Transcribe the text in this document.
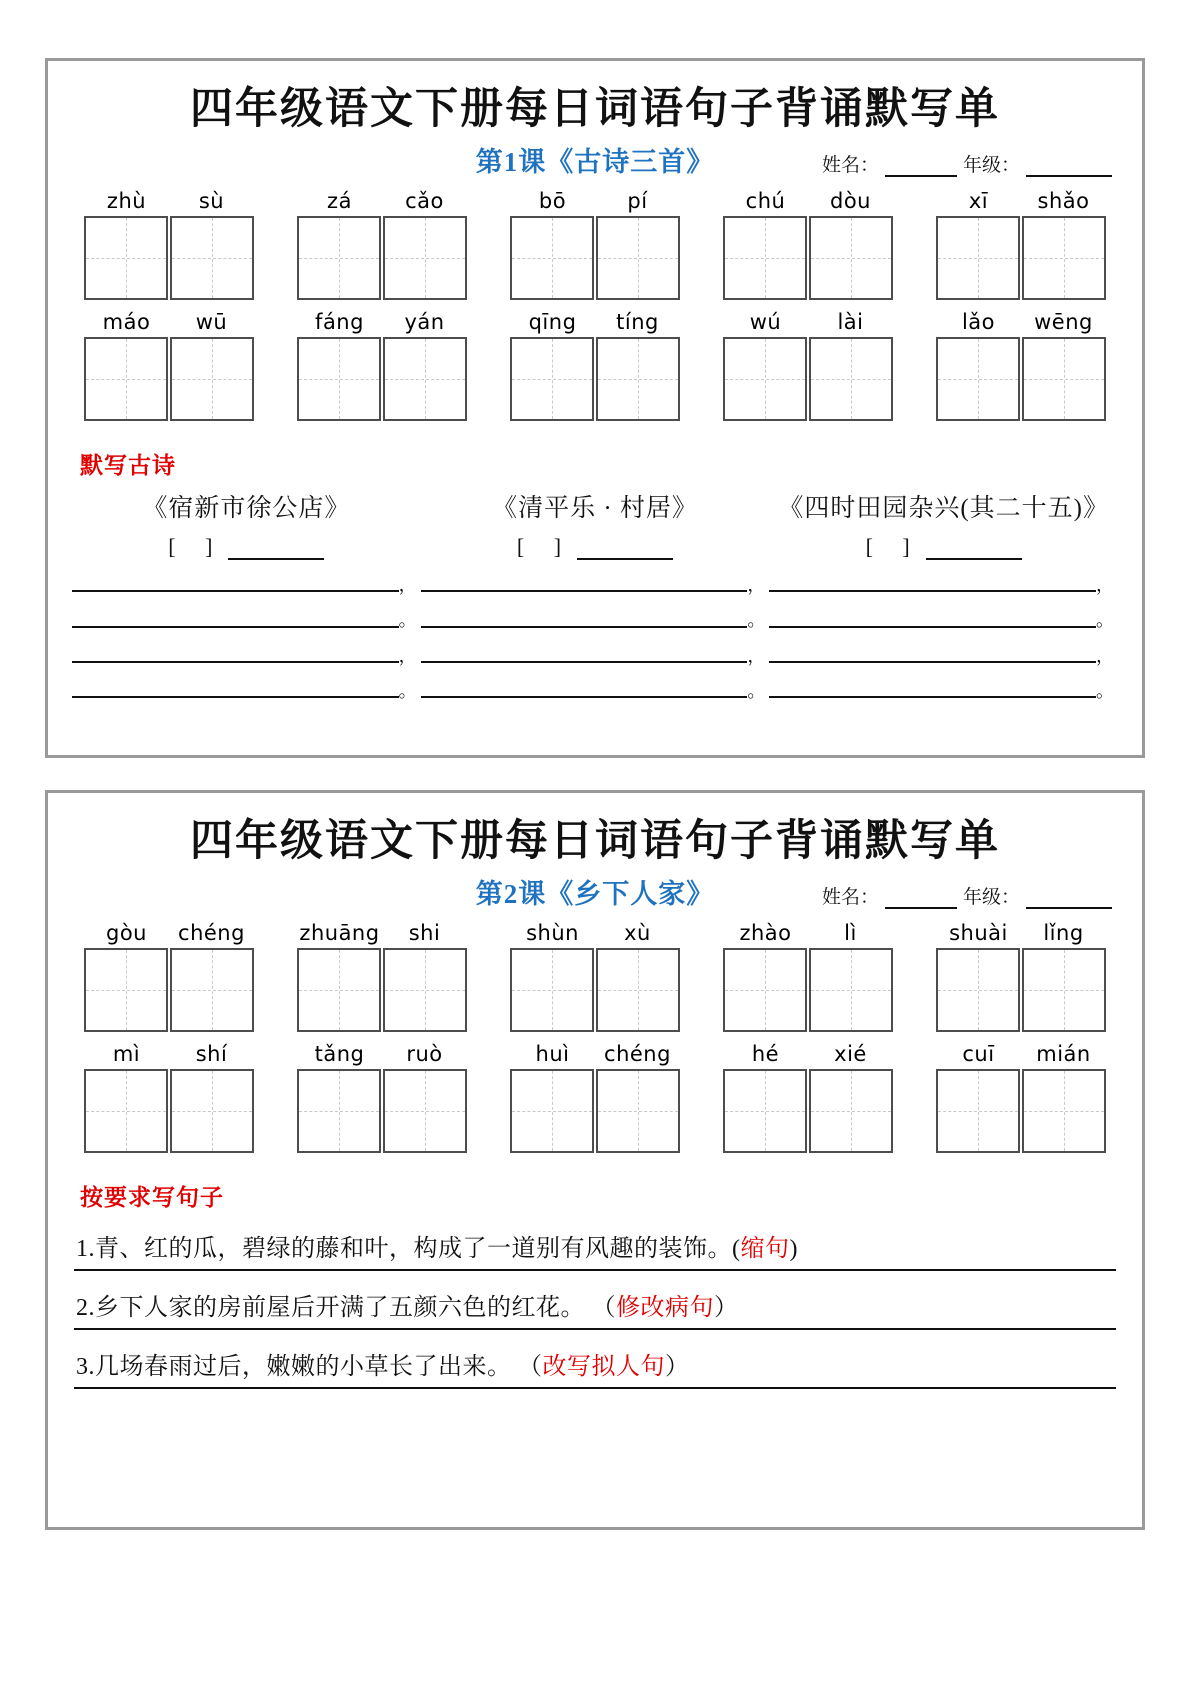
四年级语文下册每日词语句子背诵默写单
第1课《古诗三首》	姓名：	年级：
zhù	sù	zá	cǎo	bō	pí	chú	dòu	xī	shǎo
máo	wū	fáng	yán	qīng	tíng	wú	lài	lǎo	wēng
默写古诗
《宿新市徐公店》
[ ]
《清平乐 · 村居》
[ ]
《四时田园杂兴(其二十五)》
[ ]
，	，	，
。	。	。
，	，	，
。	。	。
四年级语文下册每日词语句子背诵默写单
第2课《乡下人家》	姓名：	年级：
gòu	chéng	zhuāng	shi	shùn	xù	zhào	lì	shuài	lǐng
mì	shí	tǎng	ruò	huì	chéng	hé	xié	cuī	mián
按要求写句子
1.青、红的瓜，碧绿的藤和叶，构成了一道别有风趣的装饰。(缩句)
2.乡下人家的房前屋后开满了五颜六色的红花。 （修改病句）
3.几场春雨过后，嫩嫩的小草长了出来。 （改写拟人句）
